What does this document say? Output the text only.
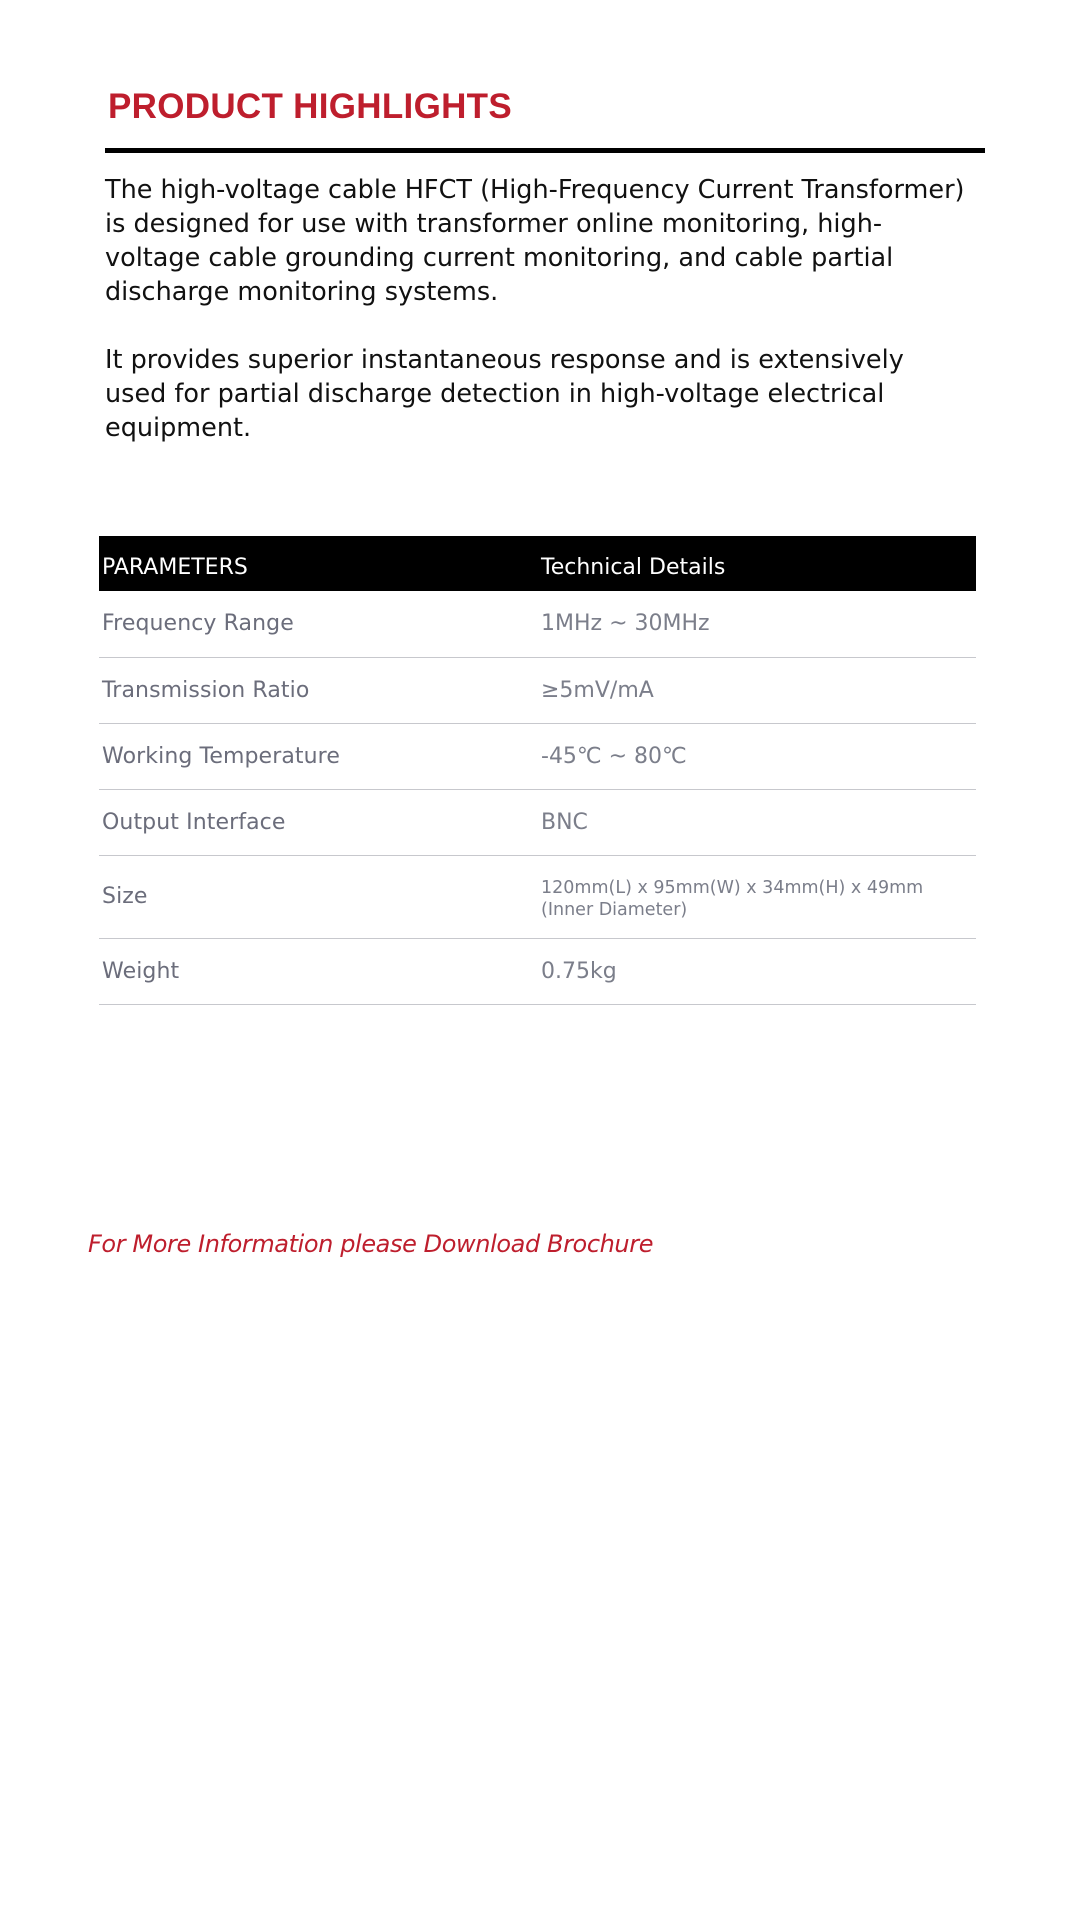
PRODUCT HIGHLIGHTS

The high-voltage cable HFCT (High-Frequency Current Transformer) is designed for use with transformer online monitoring, high-voltage cable grounding current monitoring, and cable partial discharge monitoring systems.

It provides superior instantaneous response and is extensively used for partial discharge detection in high-voltage electrical equipment.

PARAMETERS	Technical Details
Frequency Range	1MHz ~ 30MHz
Transmission Ratio	≥5mV/mA
Working Temperature	-45℃ ~ 80℃
Output Interface	BNC
Size	120mm(L) x 95mm(W) x 34mm(H) x 49mm (Inner Diameter)
Weight	0.75kg
For More Information please Download Brochure
